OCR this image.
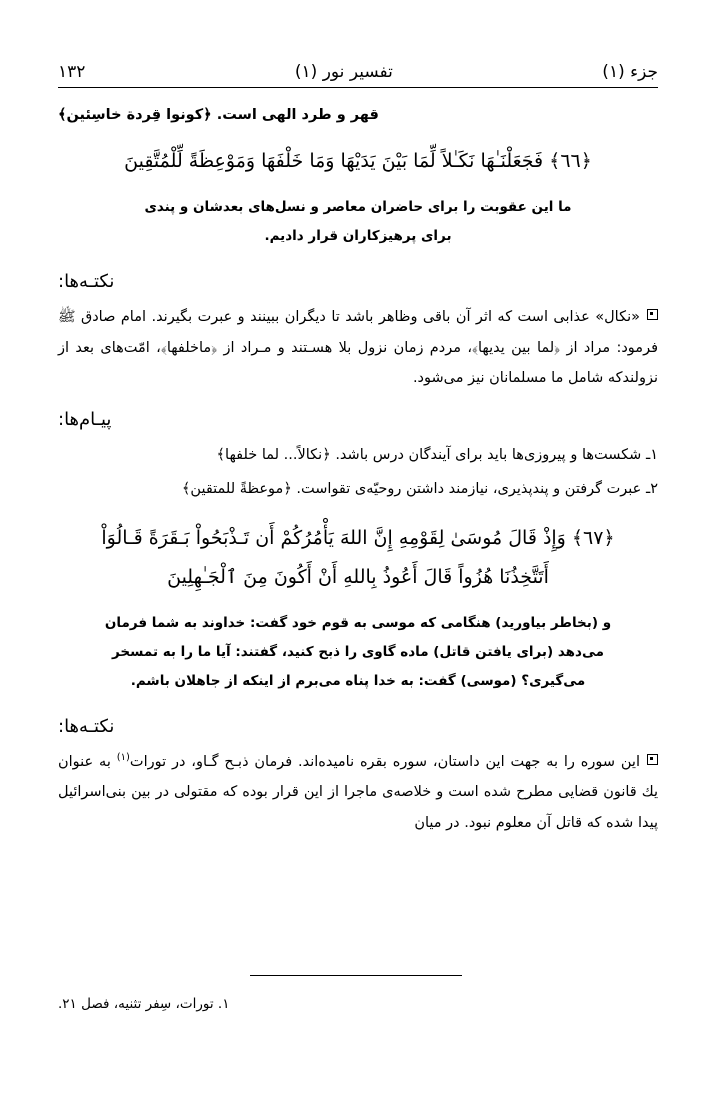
۱۳۲	تفسیر نور (۱)	جزء (۱)
قهر و طرد الهی است. ﴿كونوا قِردة خاسِئين﴾
﴿٦٦﴾ فَجَعَلْنَـٰهَا نَكَـٰلاً لِّمَا بَيْنَ يَدَيْهَا وَمَا خَلْفَهَا وَمَوْعِظَةً لِّلْمُتَّقِينَ
ما این عقوبت را برای حاضران معاصر و نسل‌های بعدشان و پندی
برای پرهیزکاران قرار دادیم.
نكتـه‌ها:
«نكال» عذابی است كه اثر آن باقی وظاهر باشد تا دیگران ببینند و عبرت بگیرند. امام صادق ﷺ فرمود: مراد از ﴿لما بین یدیها﴾، مردم زمان نزول بلا هسـتند و مـراد از ﴿ماخلفها﴾، امّت‌های بعد از نزولندكه شامل ما مسلمانان نیز می‌شود.
پیـام‌ها:
۱ـ شكست‌ها و پیروزی‌ها باید برای آیندگان درس باشد. ﴿نكالاً... لما خلفها﴾
۲ـ عبرت گرفتن و پندپذیری، نیازمند داشتن روحیّه‌ی تقواست. ﴿موعظةً للمتقین﴾
﴿٦٧﴾ وَإِذْ قَالَ مُوسَىٰ لِقَوْمِهِ إِنَّ اللهَ يَأْمُرُكُمْ أَن تَـذْبَحُواْ بَـقَرَةً قَـالُوَاْ
أَتَتَّخِذُنَا هُزُواً قَالَ أَعُوذُ بِاللهِ أَنْ أَكُونَ مِنَ ٱلْجَـٰهِلِينَ
و (بخاطر بیاورید) هنگامی كه موسی به قوم خود گفت: خداوند به شما فرمان
می‌دهد (برای یافتن قاتل) ماده گاوی را ذبح كنید، گفتند: آیا ما را به تمسخر
می‌گیری؟ (موسی) گفت: به خدا پناه می‌برم از اینكه از جاهلان باشم.
نكتـه‌ها:
این سوره را به جهت این داستان، سوره بقره نامیده‌اند. فرمان ذبـح گـاو، در تورات$^{(۱)}$ به عنوان یك قانون قضایی مطرح شده است و خلاصه‌ی ماجرا از این قرار بوده كه مقتولی در بین بنی‌اسرائیل پیدا شده كه قاتل آن معلوم نبود. در میان
۱. تورات، سِفر تثنیه، فصل ۲۱.
